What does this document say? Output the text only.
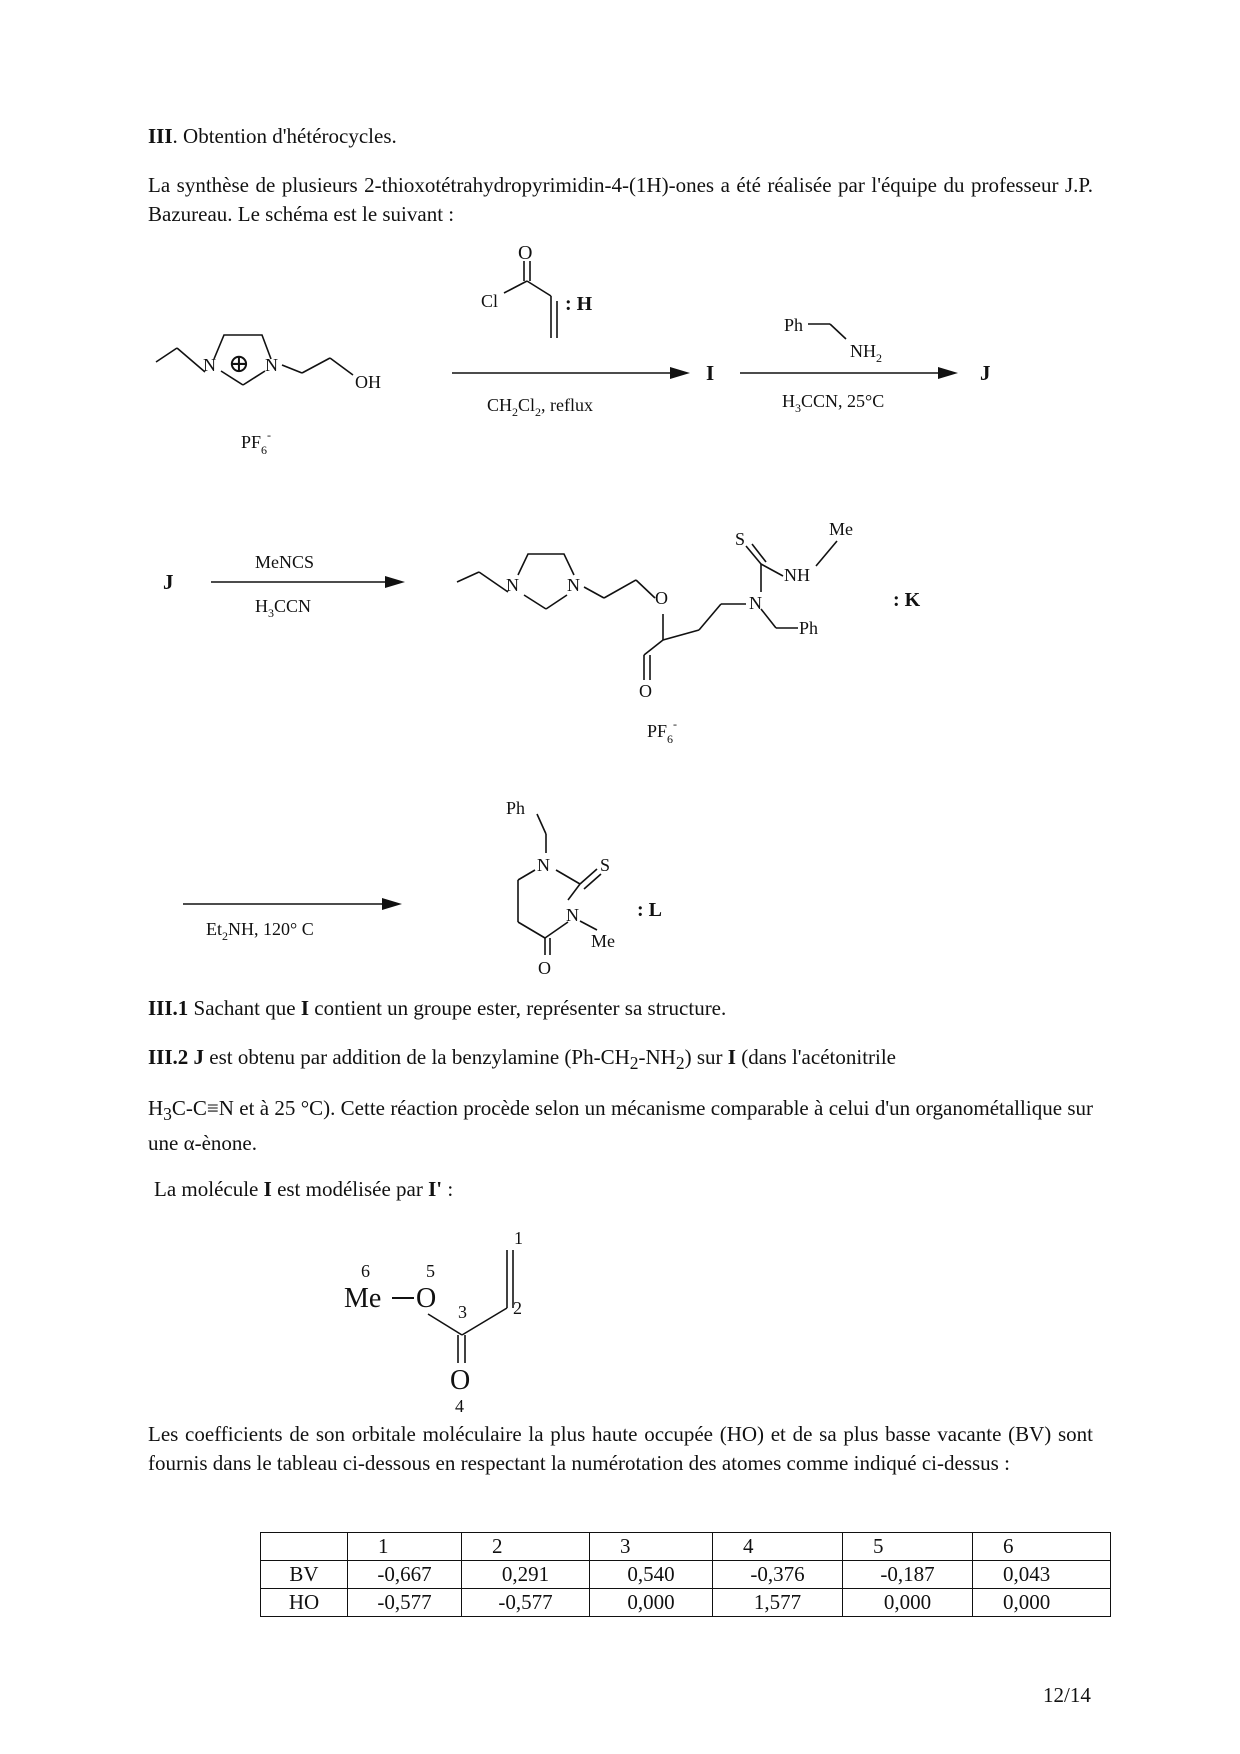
III. Obtention d'hétérocycles.

La synthèse de plusieurs 2-thioxotétrahydropyrimidin-4-(1H)-ones a été réalisée par l'équipe du professeur J.P. Bazureau. Le schéma est le suivant :

O
Cl	: H
N	N
⊕
OH
$PF_6^-$
$CH_2Cl_2$, reflux
I
Ph
$NH_2$
$H_3CCN$, 25°C
J
J
MeNCS
$H_3CCN$
N	N
O
O
N
S
NH
Me
Ph
: K
$PF_6^-$
$Et_2NH$, 120° C
Ph
N	S
N
Me
O
: L
Me O
O
1
2
3
4
5
6

III.1 Sachant que I contient un groupe ester, représenter sa structure.

III.2 J est obtenu par addition de la benzylamine $(Ph-CH_2-NH_2)$ sur I (dans l'acétonitrile

$H_3C-C\equiv N$ et à 25 °C). Cette réaction procède selon un mécanisme comparable à celui d'un organométallique sur une α-ènone.

La molécule I est modélisée par I' :

Les coefficients de son orbitale moléculaire la plus haute occupée (HO) et de sa plus basse vacante (BV) sont fournis dans le tableau ci-dessous en respectant la numérotation des atomes comme indiqué ci-dessus :

	1	2	3	4	5	6
BV	-0,667	0,291	0,540	-0,376	-0,187	0,043
HO	-0,577	-0,577	0,000	1,577	0,000	0,000

12/14
